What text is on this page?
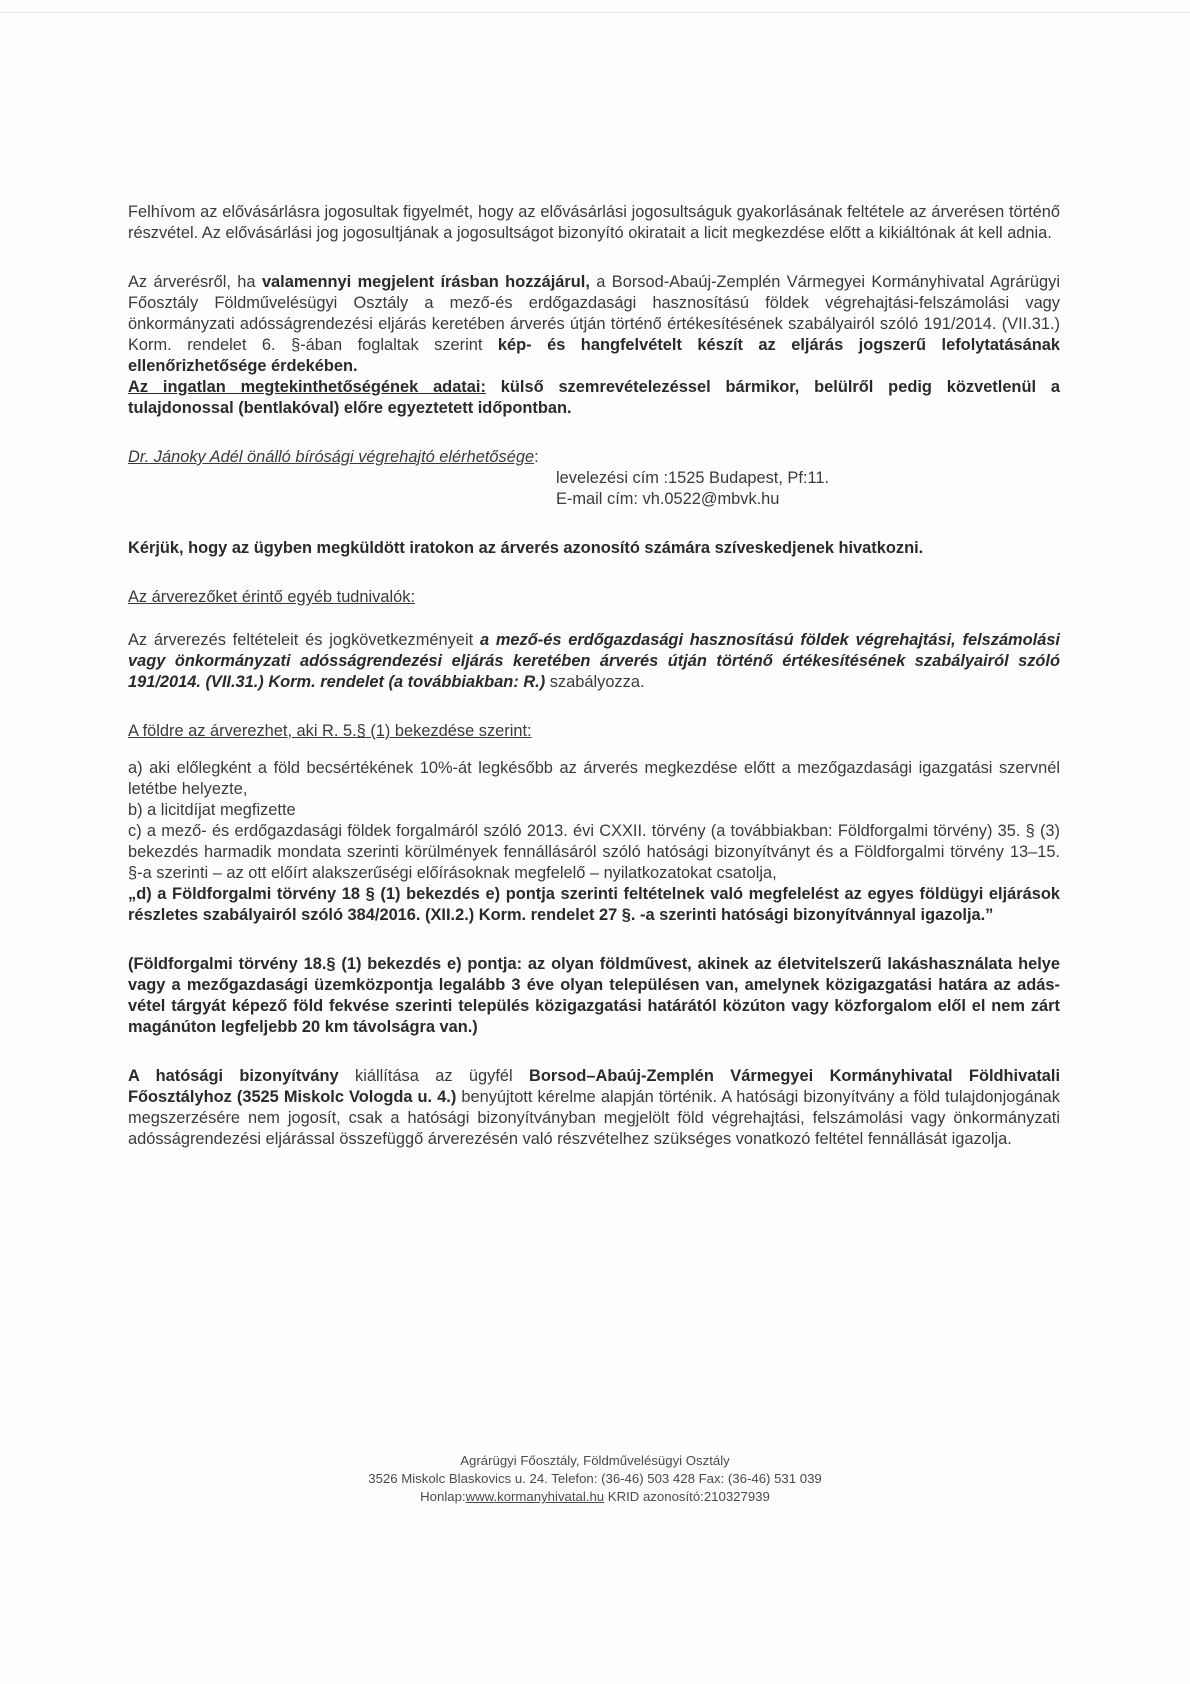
Felhívom az elővásárlásra jogosultak figyelmét, hogy az elővásárlási jogosultságuk gyakorlásának feltétele az árverésen történő részvétel. Az elővásárlási jog jogosultjának a jogosultságot bizonyító okiratait a licit megkezdése előtt a kikiáltónak át kell adnia.

Az árverésről, ha valamennyi megjelent írásban hozzájárul, a Borsod-Abaúj-Zemplén Vármegyei Kormányhivatal Agrárügyi Főosztály Földművelésügyi Osztály a mező-és erdőgazdasági hasznosítású földek végrehajtási-felszámolási vagy önkormányzati adósságrendezési eljárás keretében árverés útján történő értékesítésének szabályairól szóló 191/2014. (VII.31.) Korm. rendelet 6. §-ában foglaltak szerint kép- és hangfelvételt készít az eljárás jogszerű lefolytatásának ellenőrizhetősége érdekében.

Az ingatlan megtekinthetőségének adatai: külső szemrevételezéssel bármikor, belülről pedig közvetlenül a tulajdonossal (bentlakóval) előre egyeztetett időpontban.

Dr. Jánoky Adél önálló bírósági végrehajtó elérhetősége:
levelezési cím :1525 Budapest, Pf:11.
E-mail cím: vh.0522@mbvk.hu

Kérjük, hogy az ügyben megküldött iratokon az árverés azonosító számára szíveskedjenek hivatkozni.

Az árverezőket érintő egyéb tudnivalók:

Az árverezés feltételeit és jogkövetkezményeit a mező-és erdőgazdasági hasznosítású földek végrehajtási, felszámolási vagy önkormányzati adósságrendezési eljárás keretében árverés útján történő értékesítésének szabályairól szóló 191/2014. (VII.31.) Korm. rendelet (a továbbiakban: R.) szabályozza.

A földre az árverezhet, aki R. 5.§ (1) bekezdése szerint:

a) aki előlegként a föld becsértékének 10%-át legkésőbb az árverés megkezdése előtt a mezőgazdasági igazgatási szervnél letétbe helyezte,
b) a licitdíjat megfizette
c) a mező- és erdőgazdasági földek forgalmáról szóló 2013. évi CXXII. törvény (a továbbiakban: Földforgalmi törvény) 35. § (3) bekezdés harmadik mondata szerinti körülmények fennállásáról szóló hatósági bizonyítványt és a Földforgalmi törvény 13–15. §-a szerinti – az ott előírt alakszerűségi előírásoknak megfelelő – nyilatkozatokat csatolja,
„d) a Földforgalmi törvény 18 § (1) bekezdés e) pontja szerinti feltételnek való megfelelést az egyes földügyi eljárások részletes szabályairól szóló 384/2016. (XII.2.) Korm. rendelet 27 §. -a szerinti hatósági bizonyítvánnyal igazolja.”

(Földforgalmi törvény 18.§ (1) bekezdés e) pontja: az olyan földművest, akinek az életvitelszerű lakáshasználata helye vagy a mezőgazdasági üzemközpontja legalább 3 éve olyan településen van, amelynek közigazgatási határa az adás-vétel tárgyát képező föld fekvése szerinti település közigazgatási határától közúton vagy közforgalom elől el nem zárt magánúton legfeljebb 20 km távolságra van.)

A hatósági bizonyítvány kiállítása az ügyfél Borsod–Abaúj-Zemplén Vármegyei Kormányhivatal Földhivatali Főosztályhoz (3525 Miskolc Vologda u. 4.) benyújtott kérelme alapján történik. A hatósági bizonyítvány a föld tulajdonjogának megszerzésére nem jogosít, csak a hatósági bizonyítványban megjelölt föld végrehajtási, felszámolási vagy önkormányzati adósságrendezési eljárással összefüggő árverezésén való részvételhez szükséges vonatkozó feltétel fennállását igazolja.

Agrárügyi Főosztály, Földművelésügyi Osztály
3526 Miskolc Blaskovics u. 24. Telefon: (36-46) 503 428 Fax: (36-46) 531 039
Honlap:www.kormanyhivatal.hu KRID azonosító:210327939
